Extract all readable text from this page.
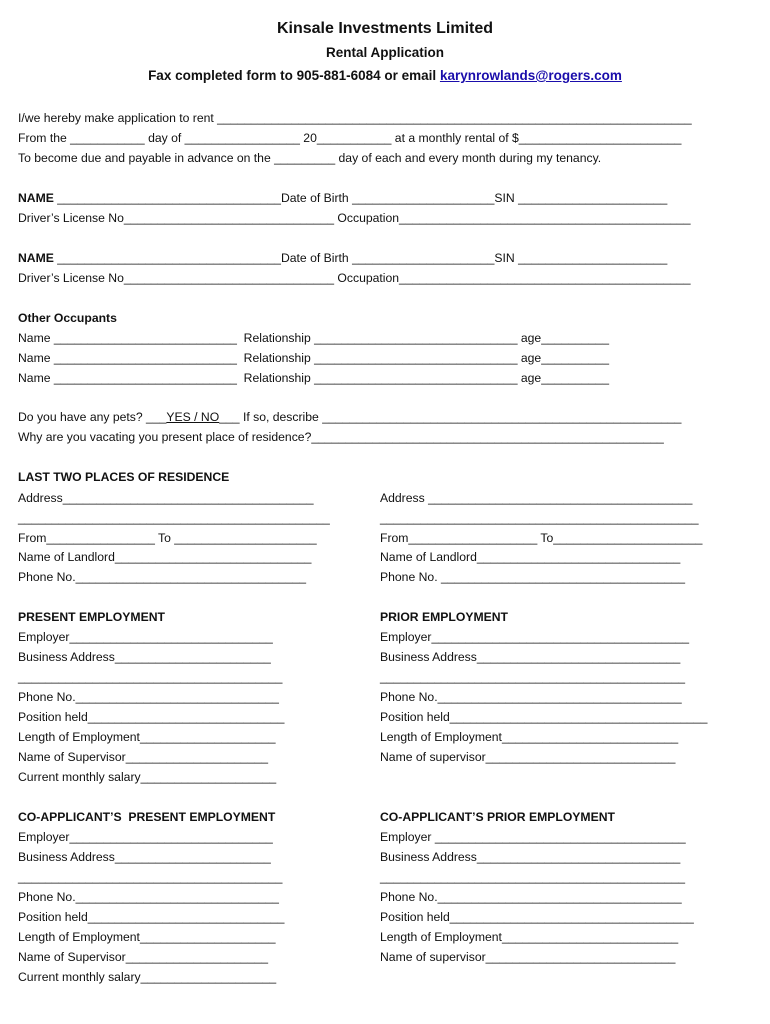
Kinsale Investments Limited
Rental Application
Fax completed form to 905-881-6084 or email karynrowlands@rogers.com
I/we hereby make application to rent ______________________________________________________________________
From the ___________ day of _________________ 20___________ at a monthly rental of $________________________
To become due and payable in advance on the _________ day of each and every month during my tenancy.
NAME _________________________________Date of Birth _____________________SIN ______________________
Driver’s License No_______________________________ Occupation___________________________________________
NAME _________________________________Date of Birth _____________________SIN ______________________
Driver’s License No_______________________________ Occupation___________________________________________
Other Occupants
Name ___________________________  Relationship ______________________________ age__________
Name ___________________________  Relationship ______________________________ age__________
Name ___________________________  Relationship ______________________________ age__________
Do you have any pets? ___YES / NO___ If so, describe _____________________________________________________
Why are you vacating you present place of residence?____________________________________________________
LAST TWO PLACES OF RESIDENCE
Address_____________________________________
______________________________________________
From________________ To _____________________
Name of Landlord_____________________________
Phone No.__________________________________
Address _______________________________________
_______________________________________________
From___________________ To______________________
Name of Landlord______________________________
Phone No. ____________________________________
PRESENT EMPLOYMENT
Employer______________________________
Business Address_______________________
_______________________________________
Phone No.______________________________
Position held_____________________________
Length of Employment____________________
Name of Supervisor_____________________
Current monthly salary____________________
PRIOR EMPLOYMENT
Employer______________________________________
Business Address______________________________
_____________________________________________
Phone No.____________________________________
Position held______________________________________
Length of Employment__________________________
Name of supervisor____________________________
CO-APPLICANT’S  PRESENT EMPLOYMENT
Employer______________________________
Business Address_______________________
_______________________________________
Phone No.______________________________
Position held_____________________________
Length of Employment____________________
Name of Supervisor_____________________
Current monthly salary____________________
CO-APPLICANT’S PRIOR EMPLOYMENT
Employer _____________________________________
Business Address______________________________
_____________________________________________
Phone No.____________________________________
Position held____________________________________
Length of Employment__________________________
Name of supervisor____________________________
